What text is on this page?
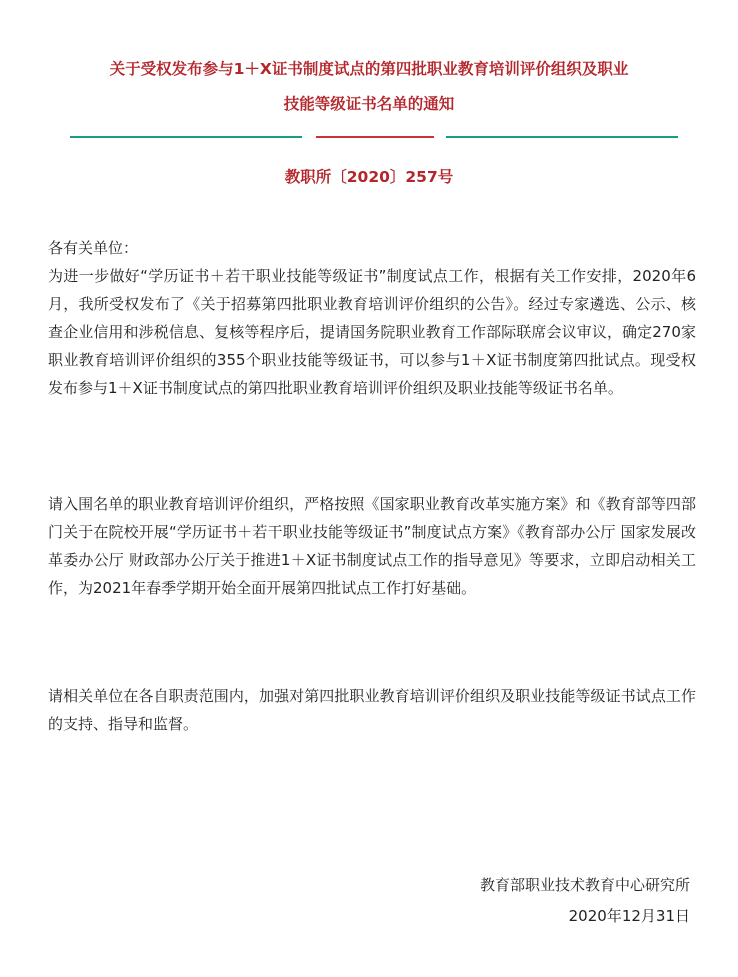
关于受权发布参与1＋X证书制度试点的第四批职业教育培训评价组织及职业
技能等级证书名单的通知
教职所〔2020〕257号

各有关单位：

为进一步做好“学历证书＋若干职业技能等级证书”制度试点工作，根据有关工作安排，2020年6月，我所受权发布了《关于招募第四批职业教育培训评价组织的公告》。经过专家遴选、公示、核查企业信用和涉税信息、复核等程序后，提请国务院职业教育工作部际联席会议审议，确定270家职业教育培训评价组织的355个职业技能等级证书，可以参与1＋X证书制度第四批试点。现受权发布参与1＋X证书制度试点的第四批职业教育培训评价组织及职业技能等级证书名单。

请入围名单的职业教育培训评价组织，严格按照《国家职业教育改革实施方案》和《教育部等四部门关于在院校开展“学历证书＋若干职业技能等级证书”制度试点方案》《教育部办公厅 国家发展改革委办公厅 财政部办公厅关于推进1＋X证书制度试点工作的指导意见》等要求，立即启动相关工作，为2021年春季学期开始全面开展第四批试点工作打好基础。

请相关单位在各自职责范围内，加强对第四批职业教育培训评价组织及职业技能等级证书试点工作的支持、指导和监督。

教育部职业技术教育中心研究所
2020年12月31日
